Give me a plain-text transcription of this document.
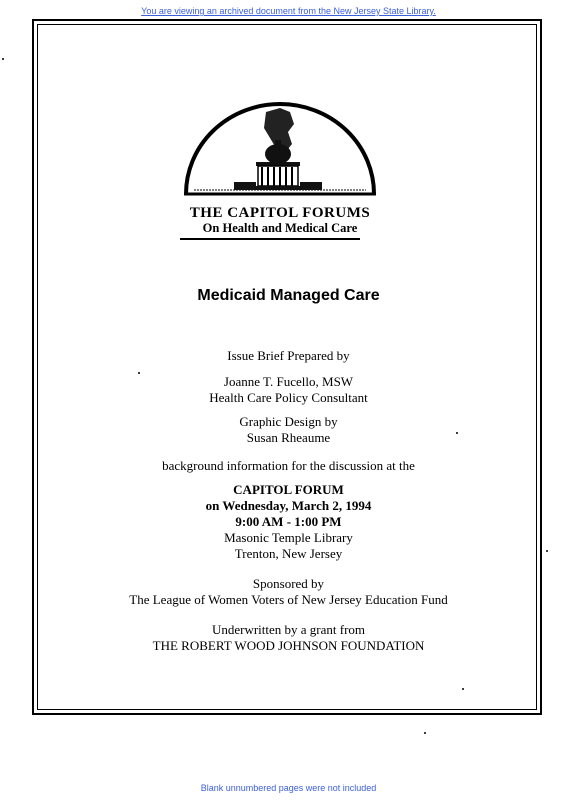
You are viewing an archived document from the New Jersey State Library.
THE CAPITOL FORUMS
On Health and Medical Care
Medicaid Managed Care
Issue Brief Prepared by
Joanne T. Fucello, MSW
Health Care Policy Consultant
Graphic Design by
Susan Rheaume
background information for the discussion at the
CAPITOL FORUM
on Wednesday, March 2, 1994
9:00 AM - 1:00 PM
Masonic Temple Library
Trenton, New Jersey
Sponsored by
The League of Women Voters of New Jersey Education Fund
Underwritten by a grant from
THE ROBERT WOOD JOHNSON FOUNDATION
Blank unnumbered pages were not included
